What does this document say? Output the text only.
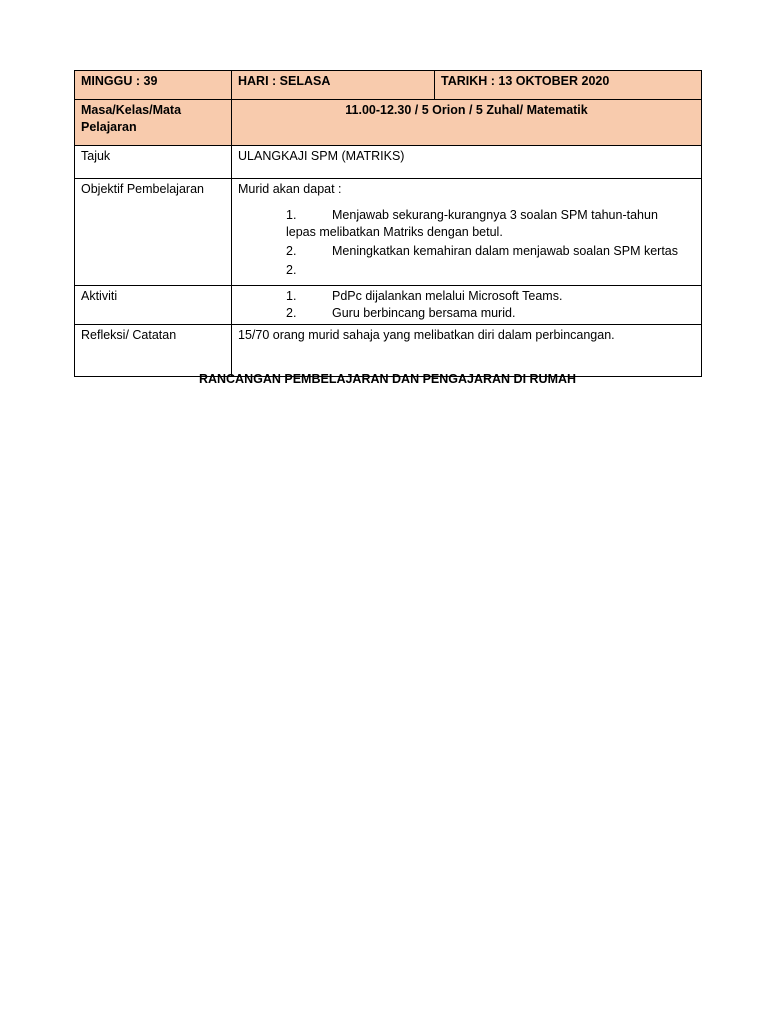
MINGGU : 39	HARI : SELASA	TARIKH : 13 OKTOBER 2020
Masa/Kelas/Mata Pelajaran	11.00-12.30 / 5 Orion / 5 Zuhal/ Matematik	
Tajuk	ULANGKAJI SPM (MATRIKS)	
Objektif Pembelajaran	Murid akan dapat :
1. Menjawab sekurang-kurangnya 3 soalan SPM tahun-tahun
lepas melibatkan Matriks dengan betul.
2. Meningkatkan kemahiran dalam menjawab soalan SPM kertas
2.	

Aktiviti	1. PdPc dijalankan melalui Microsoft Teams.
2. Guru berbincang bersama murid.	

Refleksi/ Catatan	15/70 orang murid sahaja yang melibatkan diri dalam perbincangan.	
RANCANGAN PEMBELAJARAN DAN PENGAJARAN DI RUMAH
